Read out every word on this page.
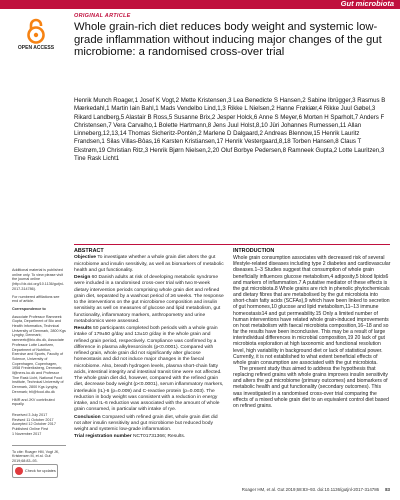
Gut microbiota
ORIGINAL ARTICLE
OPEN ACCESS
Whole grain-rich diet reduces body weight and systemic low-grade inflammation without inducing major changes of the gut microbiome: a randomised cross-over trial
Henrik Munch Roager,1 Josef K Vogt,2 Mette Kristensen,3 Lea Benedicte S Hansen,2 Sabine Ibrügger,3 Rasmus B Mærkedahl,1 Martin Iain Bahl,1 Mads Vendelbo Lind,1,3 Rikke L Nielsen,2 Hanne Frøkiær,4 Rikke Juul Gøbel,3 Rikard Landberg,5 Alastair B Ross,5 Susanne Brix,2 Jesper Holck,6 Anne S Meyer,6 Morten H Sparholt,7 Anders F Christensen,7 Vera Carvalho,1 Bolette Hartmann,8 Jens Juul Holst,8,10 Jüri Johannes Rumessen,11 Allan Linneberg,12,13,14 Thomas Sicheritz-Pontén,2 Marlene D Dalgaard,2 Andreas Blennow,15 Henrik Lauritz Frandsen,1 Silas Villas-Bôas,16 Karsten Kristiansen,17 Henrik Vestergaard,8,18 Torben Hansen,8 Claus T Ekstrøm,19 Christian Ritz,3 Henrik Bjørn Nielsen,2,20 Oluf Borbye Pedersen,8 Ramneek Gupta,2 Lotte Lauritzen,3 Tine Rask Licht1

Additional material is published online only. To view please visit the journal online (http://dx.doi.org/10.1136/gutjnl-2017-314786).

For numbered affiliations see end of article.

Correspondence to

Associate Professor Ramneek Gupta, Department of Bio and Health Informatics, Technical University of Denmark, 2800 Kgs Lyngby, Denmark; ramneek@bio.dtu.dk, Associate Professor Lotte Lauritzen, Department of Nutrition, Exercise and Sports, Faculty of Science, University of Copenhagen, Copenhagen, 1958 Frederiksberg, Denmark; ll@nexs.ku.dk and Professor Tine Rask Licht, National Food Institute, Technical University of Denmark, 2800 Kgs Lyngby, Denmark; trli@food.dtu.dk

HMR and JKV contributed equally.

Received 3 July 2017
Revised 11 October 2017
Accepted 12 October 2017
Published Online First
1 November 2017

To cite: Roager HM, Vogt JK, Kristensen M, et al. Gut 2019;68:83–93.

Check for updates
ABSTRACT

Objective To investigate whether a whole grain diet alters the gut microbiome and insulin sensitivity, as well as biomarkers of metabolic health and gut functionality.

Design 60 Danish adults at risk of developing metabolic syndrome were included in a randomised cross-over trial with two 8-week dietary intervention periods comprising whole grain diet and refined grain diet, separated by a washout period of ≥6 weeks. The response to the interventions on the gut microbiome composition and insulin sensitivity as well on measures of glucose and lipid metabolism, gut functionality, inflammatory markers, anthropometry and urine metabolomics were assessed.

Results 50 participants completed both periods with a whole grain intake of 179±50 g/day and 13±10 g/day in the whole grain and refined grain period, respectively. Compliance was confirmed by a difference in plasma alkylresorcinols (p<0.0001). Compared with refined grain, whole grain did not significantly alter glucose homeostasis and did not induce major changes in the faecal microbiome. Also, breath hydrogen levels, plasma short-chain fatty acids, intestinal integrity and intestinal transit time were not affected. The whole grain diet did, however, compared with the refined grain diet, decrease body weight (p<0.0001), serum inflammatory markers, interleukin (IL)-6 (p=0.009) and C-reactive protein (p=0.003). The reduction in body weight was consistent with a reduction in energy intake, and IL-6 reduction was associated with the amount of whole grain consumed, in particular with intake of rye.

Conclusion Compared with refined grain diet, whole grain diet did not alter insulin sensitivity and gut microbiome but reduced body weight and systemic low-grade inflammation.

Trial registration number NCT01731366; Results.

INTRODUCTION

Whole grain consumption associates with decreased risk of several lifestyle-related diseases including type 2 diabetes and cardiovascular diseases.1–3 Studies suggest that consumption of whole grain beneficially influences glucose metabolism,4 adiposity,5 blood lipids6 and markers of inflammation.7 A putative mediator of these effects is the gut microbiota.8 Whole grains are rich in phenolic phytochemicals and dietary fibres that are metabolised by the gut microbiota into short-chain fatty acids (SCFAs),9 which have been linked to secretion of gut hormones,10 glucose and lipid metabolism,11–13 immune homeostasis14 and gut permeability.15 Only a limited number of human interventions have related whole grain-induced improvements on host metabolism with faecal microbiota composition,16–18 and so far the results have been inconclusive. This may be a result of large interindividual differences in microbial composition,19 20 lack of gut microbiota exploration at high taxonomic and functional resolution level, high variability in background diet or lack of statistical power. Currently, it is not established to what extent beneficial effects of whole grain consumption are associated with the gut microbiota.

The present study thus aimed to address the hypothesis that replacing refined grains with whole grains improves insulin sensitivity and alters the gut microbiome (primary outcomes) and biomarkers of metabolic health and gut functionality (secondary outcomes). This was investigated in a randomised cross-over trial comparing the effects of a mixed whole grain diet to an equivalent control diet based on refined grains.

Roager HM, et al. Gut 2019;68:83–93. doi:10.1136/gutjnl-2017-314786 83
